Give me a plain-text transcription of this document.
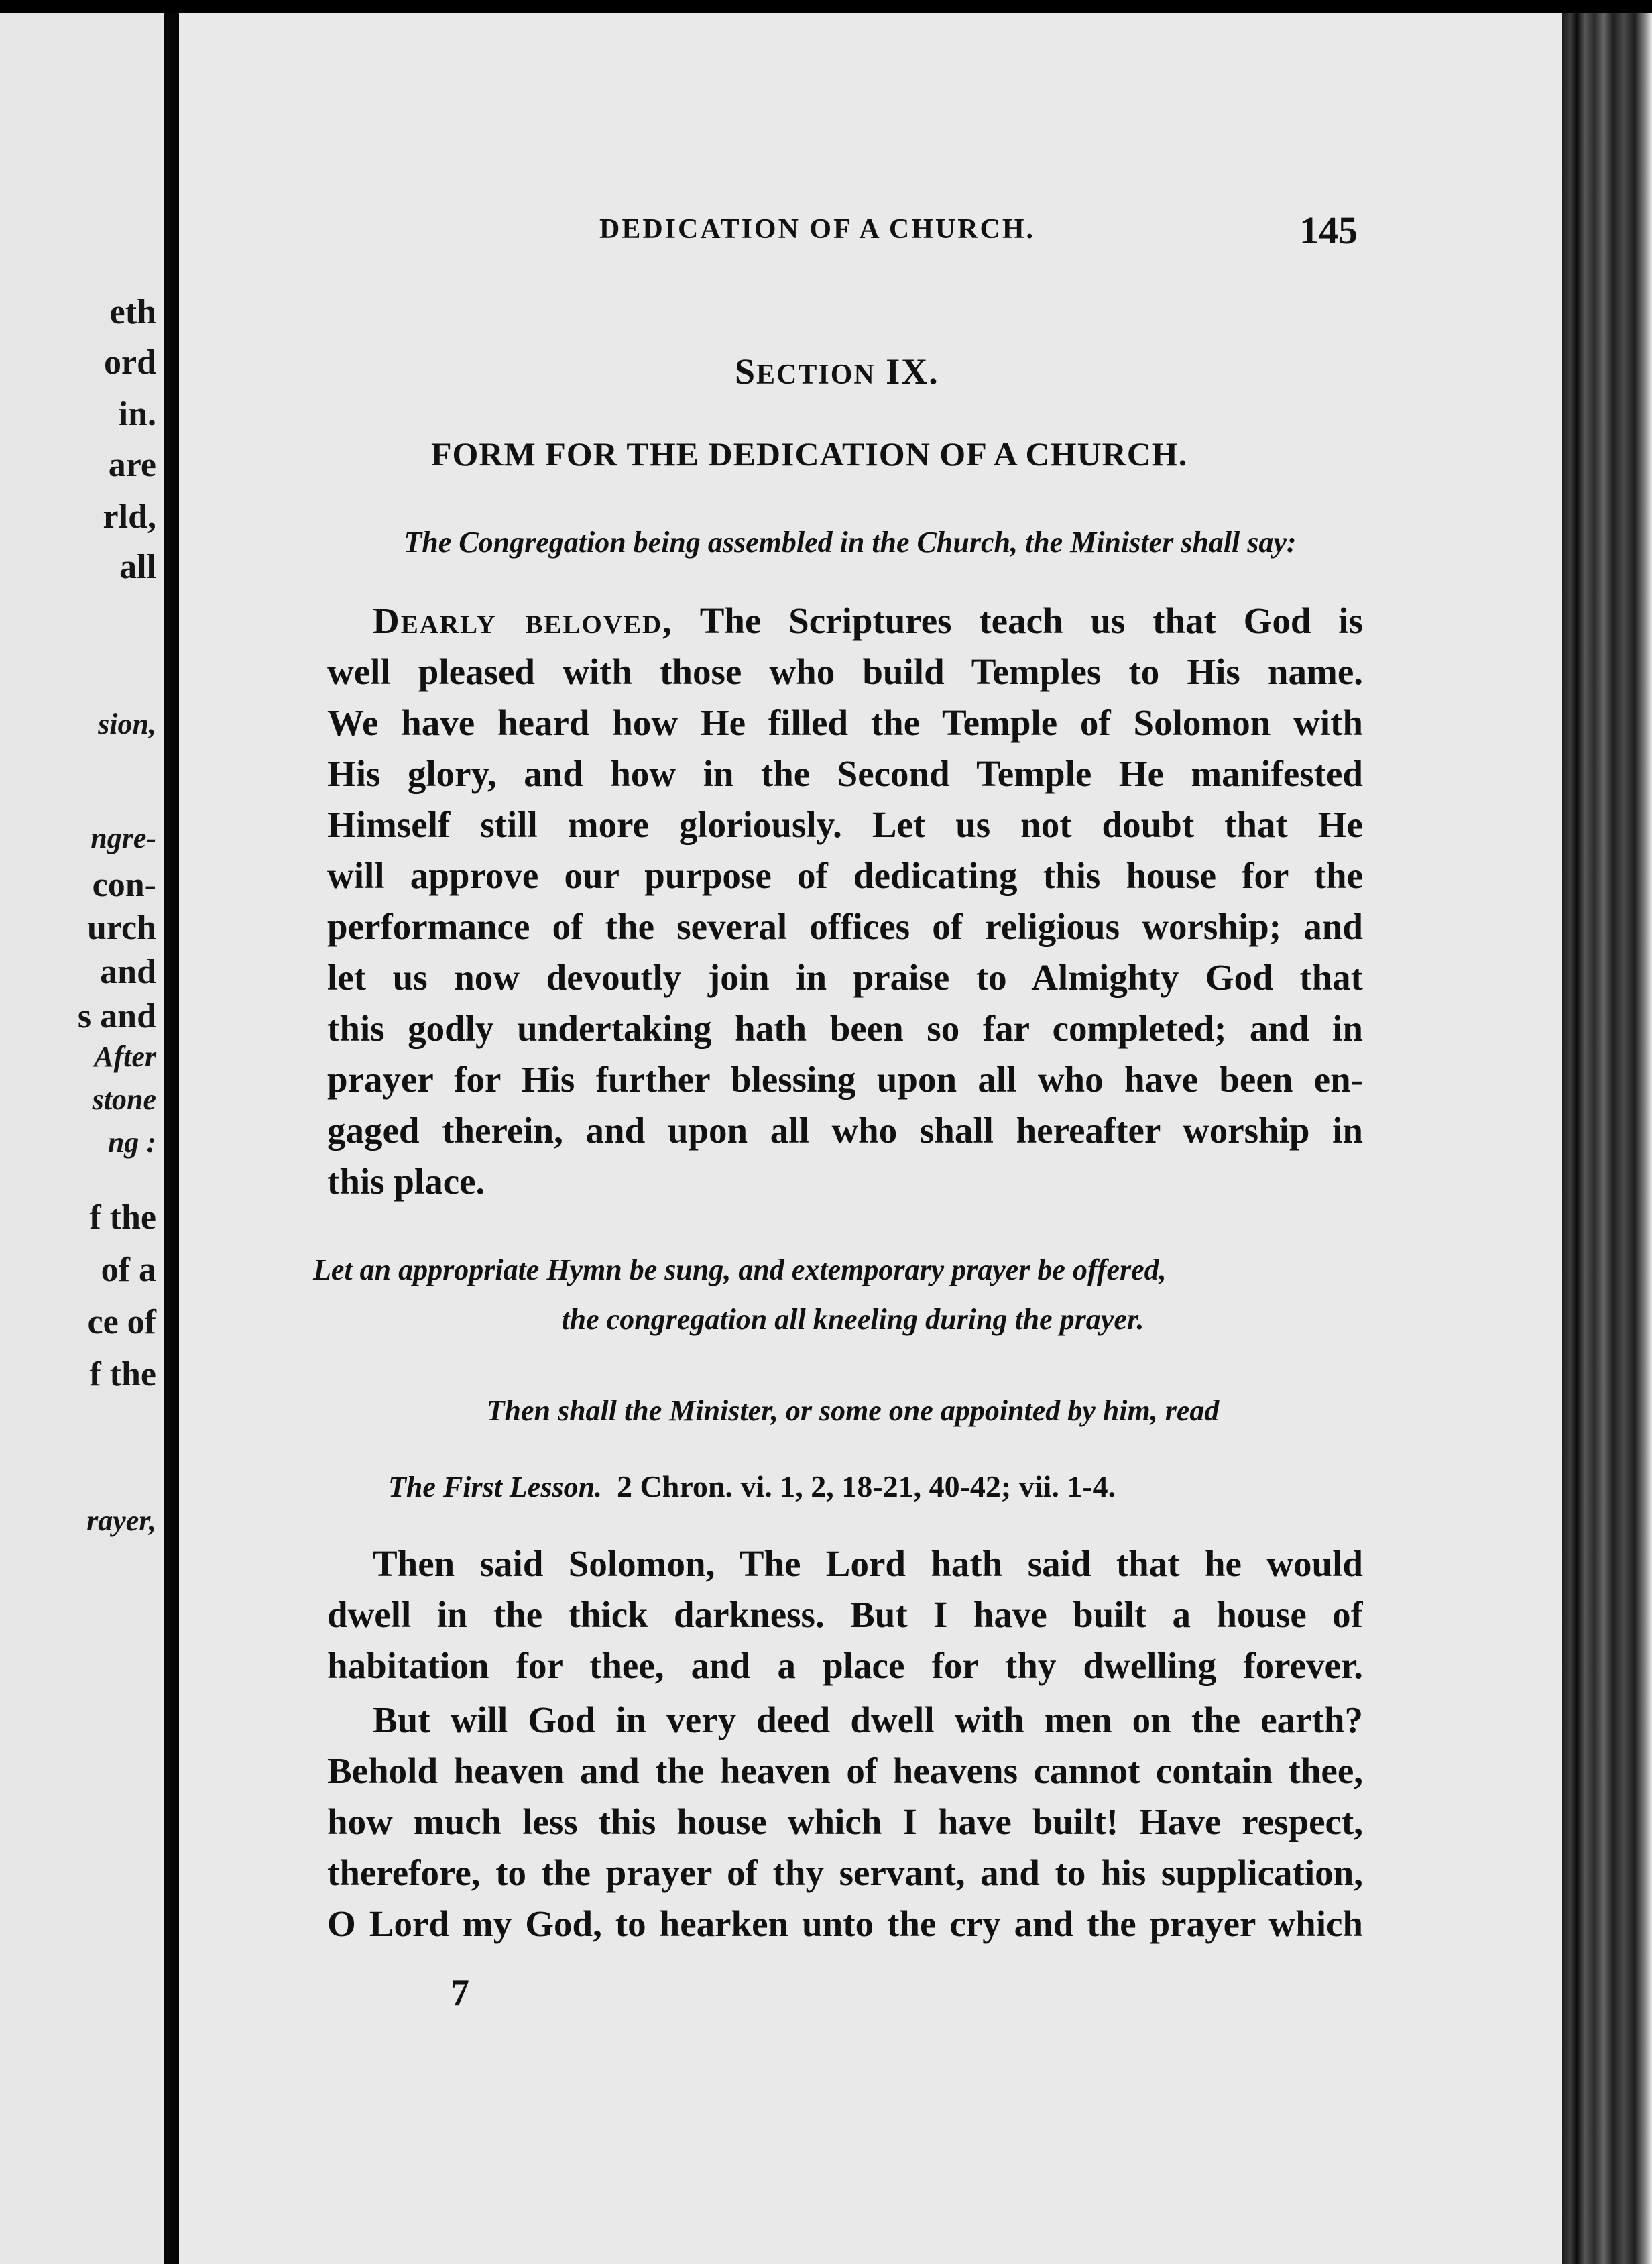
eth
ord
in.
are
rld,
all
sion,
ngre-
con-
urch
and
s and
After
stone
ng :
f the
of a
ce of
f the
rayer,
DEDICATION OF A CHURCH.	145
SECTION IX.
FORM FOR THE DEDICATION OF A CHURCH.
The Congregation being assembled in the Church, the Minister shall say:
Dearly beloved, The Scriptures teach us that God is
well pleased with those who build Temples to His name.
We have heard how He filled the Temple of Solomon with
His glory, and how in the Second Temple He manifested
Himself still more gloriously. Let us not doubt that He
will approve our purpose of dedicating this house for the
performance of the several offices of religious worship; and
let us now devoutly join in praise to Almighty God that
this godly undertaking hath been so far completed; and in
prayer for His further blessing upon all who have been en-
gaged therein, and upon all who shall hereafter worship in
this place.
Let an appropriate Hymn be sung, and extemporary prayer be offered,
the congregation all kneeling during the prayer.
Then shall the Minister, or some one appointed by him, read
The First Lesson. 2 Chron. vi. 1, 2, 18-21, 40-42; vii. 1-4.
Then said Solomon, The Lord hath said that he would
dwell in the thick darkness. But I have built a house of
habitation for thee, and a place for thy dwelling forever.
But will God in very deed dwell with men on the earth?
Behold heaven and the heaven of heavens cannot contain thee,
how much less this house which I have built! Have respect,
therefore, to the prayer of thy servant, and to his supplication,
O Lord my God, to hearken unto the cry and the prayer which
7
